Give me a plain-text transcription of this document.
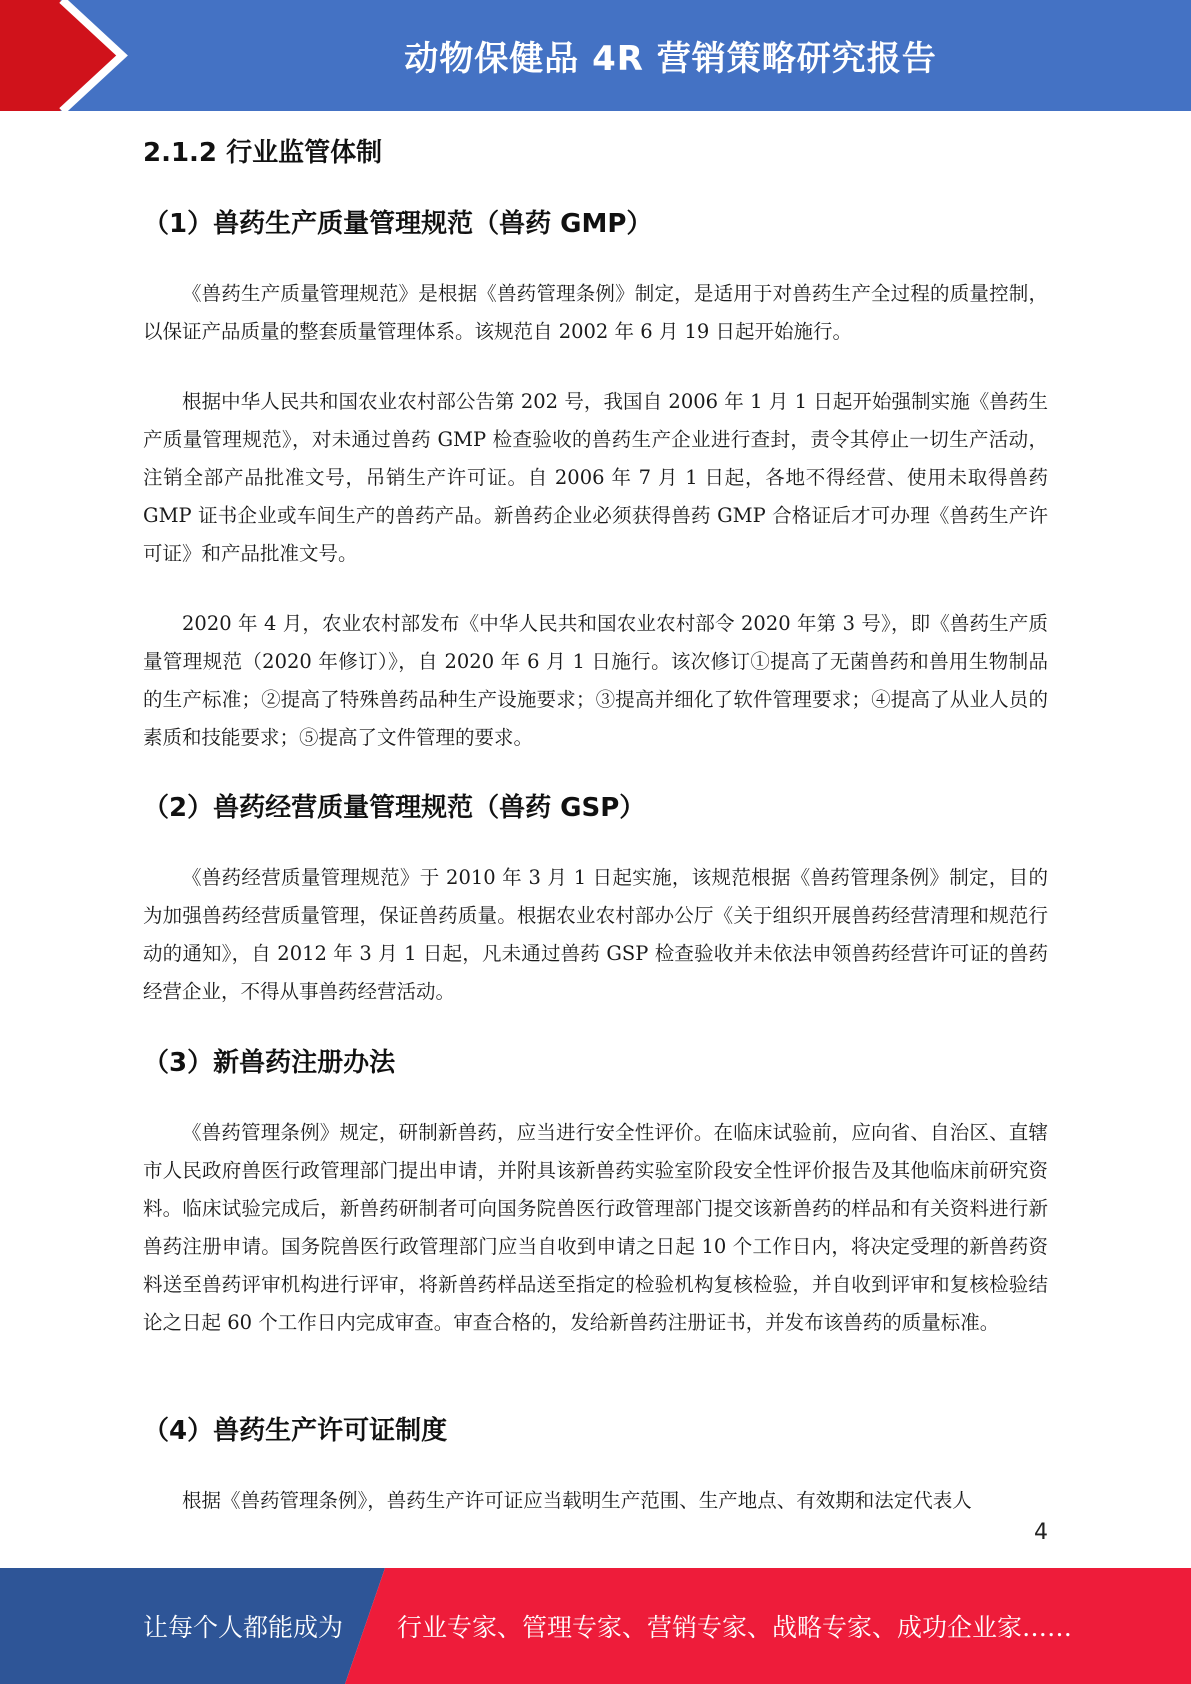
动物保健品 4R 营销策略研究报告
2.1.2 行业监管体制
（1）兽药生产质量管理规范（兽药 GMP）

《兽药生产质量管理规范》是根据《兽药管理条例》制定，是适用于对兽药生产全过程的质量控制，以保证产品质量的整套质量管理体系。该规范自 2002 年 6 月 19 日起开始施行。

根据中华人民共和国农业农村部公告第 202 号，我国自 2006 年 1 月 1 日起开始强制实施《兽药生产质量管理规范》，对未通过兽药 GMP 检查验收的兽药生产企业进行查封，责令其停止一切生产活动，注销全部产品批准文号，吊销生产许可证。自 2006 年 7 月 1 日起，各地不得经营、使用未取得兽药 GMP 证书企业或车间生产的兽药产品。新兽药企业必须获得兽药 GMP 合格证后才可办理《兽药生产许可证》和产品批准文号。

2020 年 4 月，农业农村部发布《中华人民共和国农业农村部令 2020 年第 3 号》，即《兽药生产质量管理规范（2020 年修订）》，自 2020 年 6 月 1 日施行。该次修订①提高了无菌兽药和兽用生物制品的生产标准；②提高了特殊兽药品种生产设施要求；③提高并细化了软件管理要求；④提高了从业人员的素质和技能要求；⑤提高了文件管理的要求。

（2）兽药经营质量管理规范（兽药 GSP）

《兽药经营质量管理规范》于 2010 年 3 月 1 日起实施，该规范根据《兽药管理条例》制定，目的为加强兽药经营质量管理，保证兽药质量。根据农业农村部办公厅《关于组织开展兽药经营清理和规范行动的通知》，自 2012 年 3 月 1 日起，凡未通过兽药 GSP 检查验收并未依法申领兽药经营许可证的兽药经营企业，不得从事兽药经营活动。

（3）新兽药注册办法

《兽药管理条例》规定，研制新兽药，应当进行安全性评价。在临床试验前，应向省、自治区、直辖市人民政府兽医行政管理部门提出申请，并附具该新兽药实验室阶段安全性评价报告及其他临床前研究资料。临床试验完成后，新兽药研制者可向国务院兽医行政管理部门提交该新兽药的样品和有关资料进行新兽药注册申请。国务院兽医行政管理部门应当自收到申请之日起 10 个工作日内，将决定受理的新兽药资料送至兽药评审机构进行评审，将新兽药样品送至指定的检验机构复核检验，并自收到评审和复核检验结论之日起 60 个工作日内完成审查。审查合格的，发给新兽药注册证书，并发布该兽药的质量标准。

（4）兽药生产许可证制度

根据《兽药管理条例》，兽药生产许可证应当载明生产范围、生产地点、有效期和法定代表人

4
让每个人都能成为 行业专家、管理专家、营销专家、战略专家、成功企业家……
